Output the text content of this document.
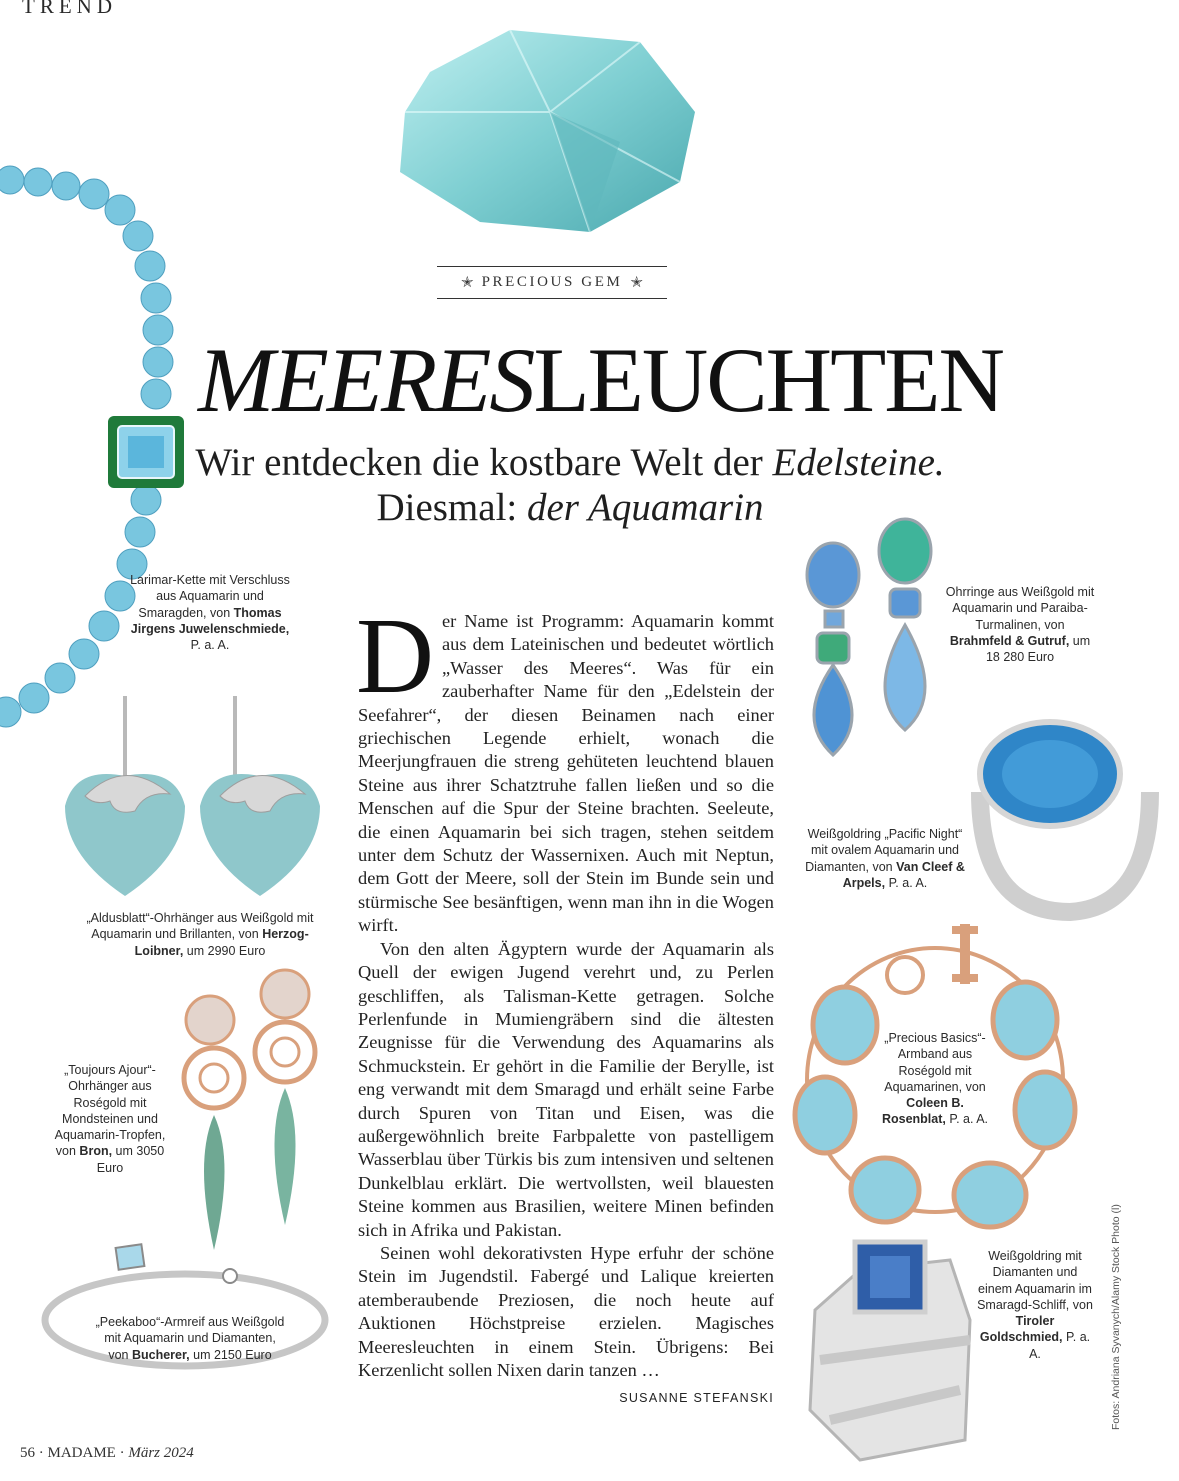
TREND
✭ PRECIOUS GEM ✭
MEERESLEUCHTEN
Wir entdecken die kostbare Welt der Edelsteine.
Diesmal: der Aquamarin
Larimar-Kette mit Verschluss aus Aquamarin und Smaragden, von Thomas Jirgens Juwelenschmiede, P. a. A.
„Aldusblatt“-Ohrhänger aus Weißgold mit Aquamarin und Brillanten, von Herzog-Loibner, um 2990 Euro
„Toujours Ajour“-Ohrhänger aus Roségold mit Mondsteinen und Aquamarin-Tropfen, von Bron, um 3050 Euro
„Peekaboo“-Armreif aus Weißgold mit Aquamarin und Diamanten, von Bucherer, um 2150 Euro

Der Name ist Programm: Aquamarin kommt aus dem Lateinischen und bedeutet wörtlich „Wasser des Meeres“. Was für ein zauberhafter Name für den „Edelstein der Seefahrer“, der diesen Beinamen nach einer griechischen Legende erhielt, wonach die Meerjungfrauen die streng gehüteten leuchtend blauen Steine aus ihrer Schatztruhe fallen ließen und so die Menschen auf die Spur der Steine brachten. Seeleute, die einen Aquamarin bei sich tragen, stehen seitdem unter dem Schutz der Wassernixen. Auch mit Neptun, dem Gott der Meere, soll der Stein im Bunde sein und stürmische See besänftigen, wenn man ihn in die Wogen wirft.

Von den alten Ägyptern wurde der Aquamarin als Quell der ewigen Jugend verehrt und, zu Perlen geschliffen, als Talisman-Kette getragen. Solche Perlenfunde in Mumiengräbern sind die ältesten Zeugnisse für die Verwendung des Aquamarins als Schmuckstein. Er gehört in die Familie der Berylle, ist eng verwandt mit dem Smaragd und erhält seine Farbe durch Spuren von Titan und Eisen, was die außergewöhnlich breite Farbpalette von pastelligem Wasserblau über Türkis bis zum intensiven und seltenen Dunkelblau erklärt. Die wertvollsten, weil blauesten Steine kommen aus Brasilien, weitere Minen befinden sich in Afrika und Pakistan.

Seinen wohl dekorativsten Hype erfuhr der schöne Stein im Jugendstil. Fabergé und Lalique kreierten atemberaubende Preziosen, die noch heute auf Auktionen Höchstpreise erzielen. Magisches Meeresleuchten in einem Stein. Übrigens: Bei Kerzenlicht sollen Nixen darin tanzen …
SUSANNE STEFANSKI

Ohrringe aus Weißgold mit Aquamarin und Paraiba-Turmalinen, von Brahmfeld & Gutruf, um 18 280 Euro
Weißgoldring „Pacific Night“ mit ovalem Aquamarin und Diamanten, von Van Cleef & Arpels, P. a. A.
„Precious Basics“-Armband aus Roségold mit Aquamarinen, von Coleen B. Rosenblat, P. a. A.
Weißgoldring mit Diamanten und einem Aquamarin im Smaragd-Schliff, von Tiroler Goldschmied, P. a. A.	Fotos: Andriana Syvanych/Alamy Stock Photo (l)
56 · MADAME · März 2024
